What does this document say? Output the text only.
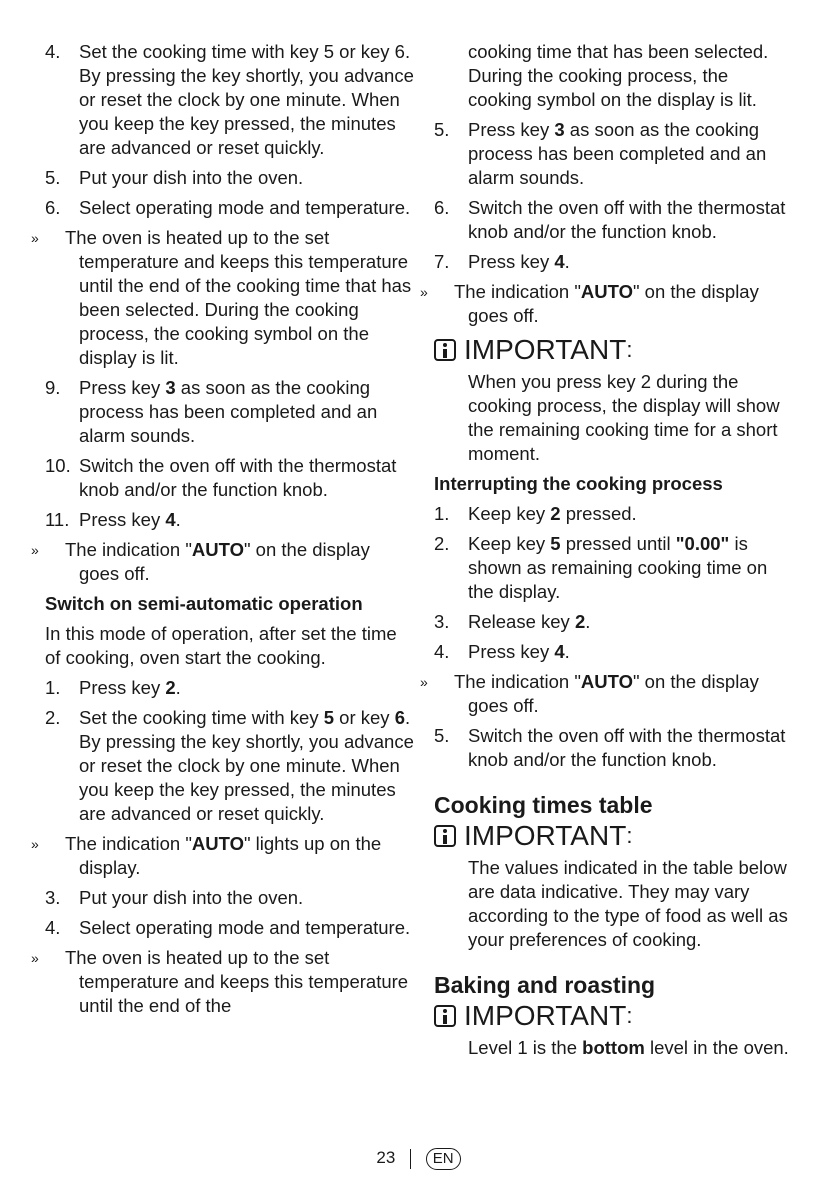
4. Set the cooking time with key 5 or key 6. By pressing the key shortly, you advance or reset the clock by one minute. When you keep the key pressed, the minutes are advanced or reset quickly.
5. Put your dish into the oven.
6. Select operating mode and temperature.
»	The oven is heated up to the set temperature and keeps this temperature until the end of the cooking time that has been selected. During the cooking process, the cooking symbol on the display is lit.
9. Press key 3 as soon as the cooking process has been completed and an alarm sounds.
10. Switch the oven off with the thermostat knob and/or the function knob.
11. Press key 4.
»	The indication "AUTO" on the display goes off.
Switch on semi-automatic operation
In this mode of operation, after set the time of cooking, oven start the cooking.
1. Press key 2.
2. Set the cooking time with key 5 or key 6. By pressing the key shortly, you advance or reset the clock by one minute. When you keep the key pressed, the minutes are advanced or reset quickly.
»	The indication "AUTO" lights up on the display.
3. Put your dish into the oven.
4. Select operating mode and temperature.
»	The oven is heated up to the set temperature and keeps this temperature until the end of the
cooking time that has been selected. During the cooking process, the cooking symbol on the display is lit.
5. Press key 3 as soon as the cooking process has been completed and an alarm sounds.
6. Switch the oven off with the thermostat knob and/or the function knob.
7. Press key 4.
»	The indication "AUTO" on the display goes off.
IMPORTANT :
When you press key 2 during the cooking process, the display will show the remaining cooking time for a short moment.
Interrupting the cooking process
1. Keep key 2 pressed.
2. Keep key 5 pressed until "0.00" is shown as remaining cooking time on the display.
3. Release key 2.
4. Press key 4.
»	The indication "AUTO" on the display goes off.
5. Switch the oven off with the thermostat knob and/or the function knob.
Cooking times table
IMPORTANT :
The values indicated in the table below are data indicative. They may vary according to the type of food as well as your preferences of cooking.
Baking and roasting
IMPORTANT :
Level 1 is the bottom level in the oven.
23 EN
